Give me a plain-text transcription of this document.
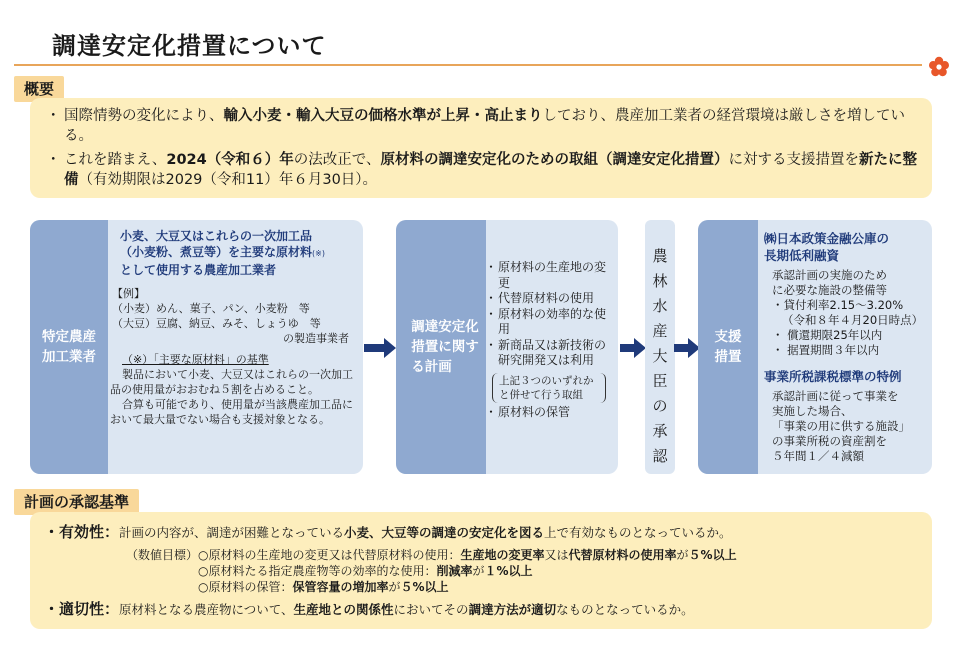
調達安定化措置について
概要

・ 国際情勢の変化により、輸入小麦・輸入大豆の価格水準が上昇・高止まりしており、農産加工業者の経営環境は厳しさを増している。

・ これを踏まえ、2024（令和６）年の法改正で、原材料の調達安定化のための取組（調達安定化措置）に対する支援措置を新たに整備（有効期限は2029（令和11）年６月30日）。

特定農産
加工業者
小麦、大豆又はこれらの一次加工品
（小麦粉、煮豆等）を主要な原材料(※)
として使用する農産加工業者
【例】
（小麦）めん、菓子、パン、小麦粉　等
（大豆）豆腐、納豆、みそ、しょうゆ　等
の製造事業者
（※）「主要な原材料」の基準
製品において小麦、大豆又はこれらの一次加工品の使用量がおおむね５割を占めること。
合算も可能であり、使用量が当該農産加工品において最大量でない場合も支援対象となる。
調達安定化
措置に関す
る計画
・ 原材料の生産地の変更
・ 代替原材料の使用
・ 原材料の効率的な使用
・ 新商品又は新技術の研究開発又は利用
上記３つのいずれかと併せて行う取組
・ 原材料の保管
農
林
水
産
大
臣
の
承
認
支援
措置
㈱日本政策金融公庫の
長期低利融資
承認計画の実施のため
に必要な施設の整備等
・貸付利率2.15～3.20%
（令和８年４月20日時点）
・ 償還期限25年以内
・ 据置期間３年以内
事業所税課税標準の特例
承認計画に従って事業を
実施した場合、
「事業の用に供する施設」
の事業所税の資産割を
５年間１／４減額
計画の承認基準
・有効性：計画の内容が、調達が困難となっている小麦、大豆等の調達の安定化を図る上で有効なものとなっているか。
（数値目標） ○原材料の生産地の変更又は代替原材料の使用：生産地の変更率又は代替原材料の使用率が５%以上
○原材料たる指定農産物等の効率的な使用：削減率が１%以上
○原材料の保管：保管容量の増加率が５%以上
・適切性：原材料となる農産物について、生産地との関係性においてその調達方法が適切なものとなっているか。
